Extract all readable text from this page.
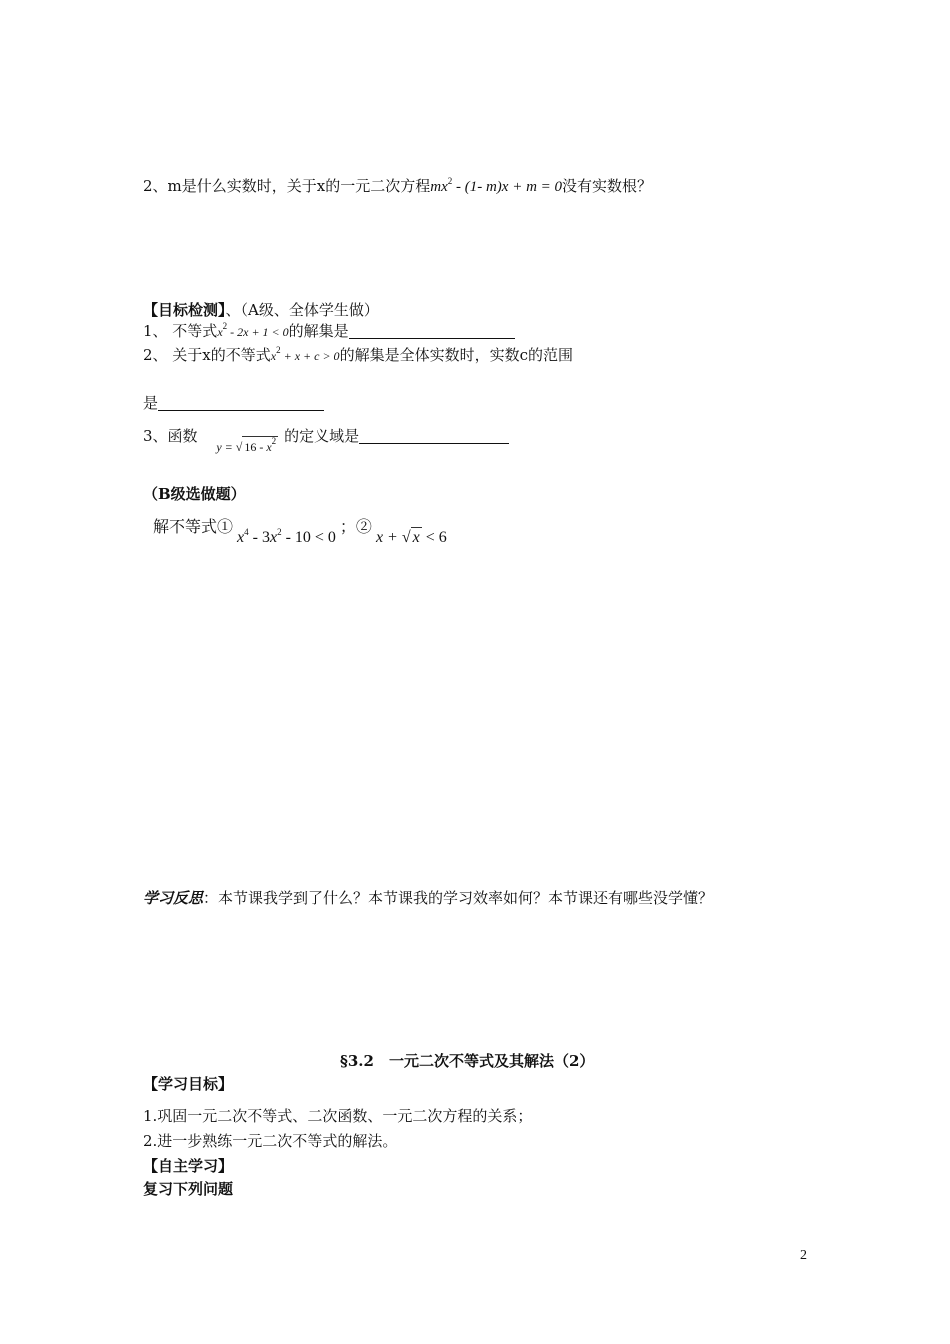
2、m是什么实数时，关于x的一元二次方程$mx^2 - (1-$ m)x + m = 0没有实数根？
【目标检测】、（A级、全体学生做）
1、 不等式$x^2 - 2x + 1 < 0$的解集是
2、 关于x的不等式$x^2 + x + c > 0$的解集是全体实数时，实数c的范围
是
3、函数 $_{y = √ 16 - x^2}$ 的定义域是
（B级选做题）
解不等式$①x^4 - 3x^2 - 10 < 0$；②x + √ x < 6
学习反思：本节课我学到了什么？本节课我的学习效率如何？本节课还有哪些没学懂？
§3.2　一元二次不等式及其解法（2）
【学习目标】
1.巩固一元二次不等式、二次函数、一元二次方程的关系；
2.进一步熟练一元二次不等式的解法。
【自主学习】
复习下列问题
2
